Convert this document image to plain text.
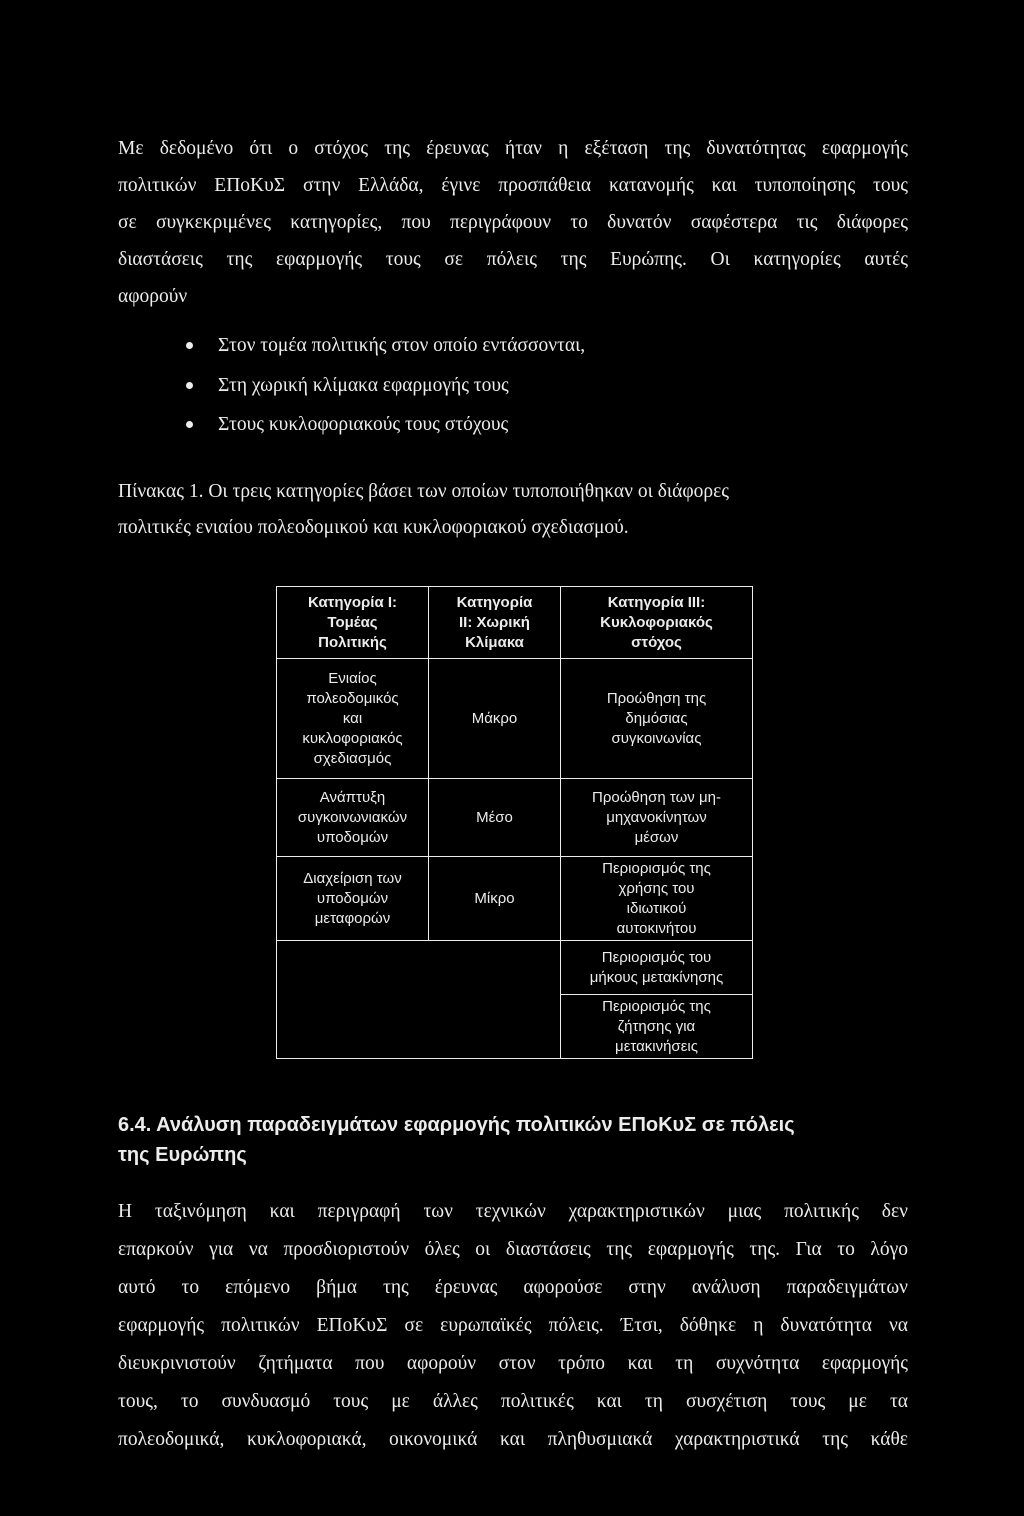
Με δεδομένο ότι ο στόχος της έρευνας ήταν η εξέταση της δυνατότητας εφαρμογής
πολιτικών ΕΠοΚυΣ στην Ελλάδα, έγινε προσπάθεια κατανομής και τυποποίησης τους
σε συγκεκριμένες κατηγορίες, που περιγράφουν το δυνατόν σαφέστερα τις διάφορες
διαστάσεις της εφαρμογής τους σε πόλεις της Ευρώπης. Οι κατηγορίες αυτές
αφορούν
Στον τομέα πολιτικής στον οποίο εντάσσονται,
Στη χωρική κλίμακα εφαρμογής τους
Στους κυκλοφοριακούς τους στόχους
Πίνακας 1. Οι τρεις κατηγορίες βάσει των οποίων τυποποιήθηκαν οι διάφορες
πολιτικές ενιαίου πολεοδομικού και κυκλοφοριακού σχεδιασμού.
Κατηγορία I:
Τομέας
Πολιτικής	Κατηγορία
II: Χωρική
Κλίμακα	Κατηγορία III:
Κυκλοφοριακός
στόχος

Ενιαίος
πολεοδομικός
και
κυκλοφοριακός
σχεδιασμός	Μάκρο	Προώθηση της
δημόσιας
συγκοινωνίας

Ανάπτυξη
συγκοινωνιακών
υποδομών	Μέσο	Προώθηση των μη-
μηχανοκίνητων
μέσων

Διαχείριση των
υποδομών
μεταφορών	Μίκρο	Περιορισμός της
χρήσης του
ιδιωτικού
αυτοκινήτου

		Περιορισμός του
μήκους μετακίνησης

		Περιορισμός της
ζήτησης για
μετακινήσεις
6.4. Ανάλυση παραδειγμάτων εφαρμογής πολιτικών ΕΠοΚυΣ σε πόλεις
της Ευρώπης
Η ταξινόμηση και περιγραφή των τεχνικών χαρακτηριστικών μιας πολιτικής δεν
επαρκούν για να προσδιοριστούν όλες οι διαστάσεις της εφαρμογής της. Για το λόγο
αυτό το επόμενο βήμα της έρευνας αφορούσε στην ανάλυση παραδειγμάτων
εφαρμογής πολιτικών ΕΠοΚυΣ σε ευρωπαϊκές πόλεις. Έτσι, δόθηκε η δυνατότητα να
διευκρινιστούν ζητήματα που αφορούν στον τρόπο και τη συχνότητα εφαρμογής
τους, το συνδυασμό τους με άλλες πολιτικές και τη συσχέτιση τους με τα
πολεοδομικά, κυκλοφοριακά, οικονομικά και πληθυσμιακά χαρακτηριστικά της κάθε
